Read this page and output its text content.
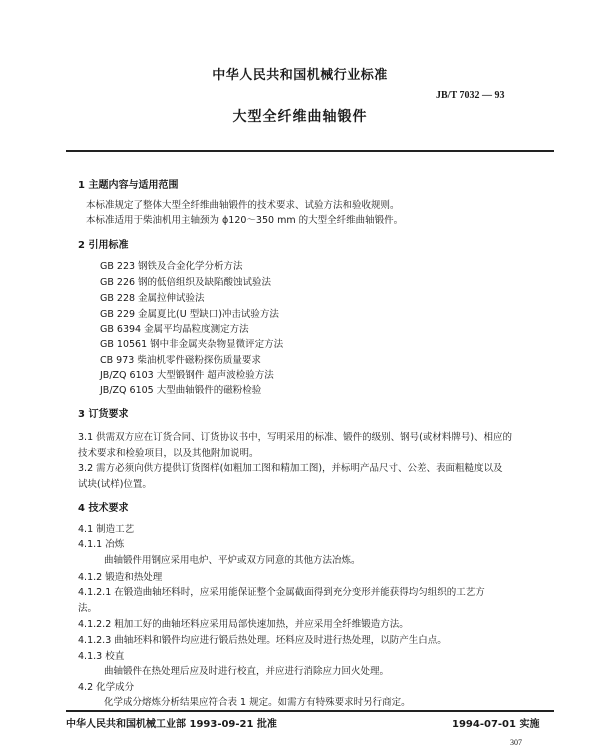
中华人民共和国机械行业标准
JB/T 7032 — 93
大型全纤维曲轴锻件
1 主题内容与适用范围
本标准规定了整体大型全纤维曲轴锻件的技术要求、试验方法和验收规则。
本标准适用于柴油机用主轴颈为 ϕ120～350 mm 的大型全纤维曲轴锻件。
2 引用标准
GB 223 钢铁及合金化学分析方法
GB 226 钢的低倍组织及缺陷酸蚀试验法
GB 228 金属拉伸试验法
GB 229 金属夏比(U 型缺口)冲击试验方法
GB 6394 金属平均晶粒度测定方法
GB 10561 钢中非金属夹杂物显微评定方法
CB 973 柴油机零件磁粉探伤质量要求
JB/ZQ 6103 大型锻钢件 超声波检验方法
JB/ZQ 6105 大型曲轴锻件的磁粉检验
3 订货要求
3.1 供需双方应在订货合同、订货协议书中，写明采用的标准、锻件的级别、钢号(或材料牌号)、相应的
技术要求和检验项目，以及其他附加说明。
3.2 需方必须向供方提供订货图样(如粗加工图和精加工图)，并标明产品尺寸、公差、表面粗糙度以及
试块(试样)位置。
4 技术要求
4.1 制造工艺
4.1.1 冶炼
曲轴锻件用钢应采用电炉、平炉或双方同意的其他方法冶炼。
4.1.2 锻造和热处理
4.1.2.1 在锻造曲轴坯料时，应采用能保证整个金属截面得到充分变形并能获得均匀组织的工艺方
法。
4.1.2.2 粗加工好的曲轴坯料应采用局部快速加热，并应采用全纤维锻造方法。
4.1.2.3 曲轴坯料和锻件均应进行锻后热处理。坯料应及时进行热处理，以防产生白点。
4.1.3 校直
曲轴锻件在热处理后应及时进行校直，并应进行消除应力回火处理。
4.2 化学成分
化学成分熔炼分析结果应符合表 1 规定。如需方有特殊要求时另行商定。
中华人民共和国机械工业部 1993-09-21 批准	1994-07-01 实施
307
